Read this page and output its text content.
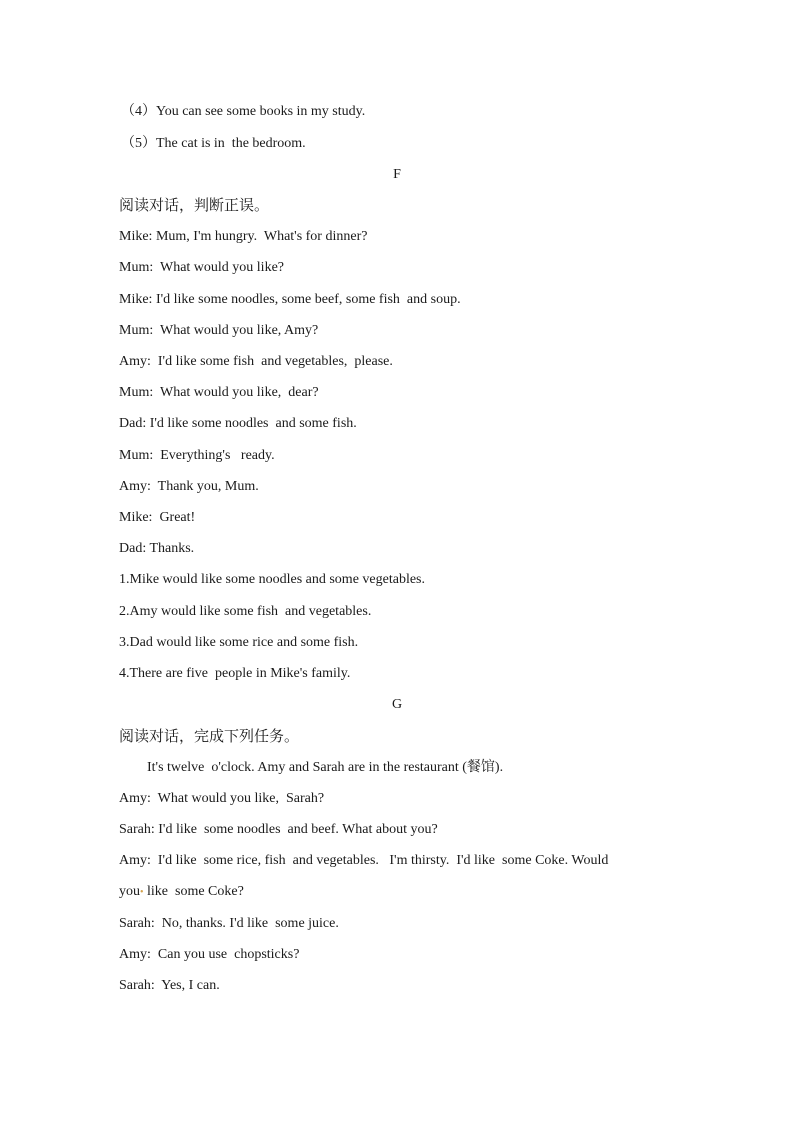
（4）You can see some books in my study.
（5）The cat is in  the bedroom.
F
阅读对话，判断正误。
Mike: Mum, I'm hungry.  What's for dinner?
Mum:  What would you like?
Mike: I'd like some noodles, some beef, some fish  and soup.
Mum:  What would you like, Amy?
Amy:  I'd like some fish  and vegetables,  please.
Mum:  What would you like,  dear?
Dad: I'd like some noodles  and some fish.
Mum:  Everything's   ready.
Amy:  Thank you, Mum.
Mike:  Great!
Dad: Thanks.
1.Mike would like some noodles and some vegetables.
2.Amy would like some fish  and vegetables.
3.Dad would like some rice and some fish.
4.There are five  people in Mike's family.
G
阅读对话，完成下列任务。
It's twelve  o'clock. Amy and Sarah are in the restaurant (餐馆).
Amy:  What would you like,  Sarah?
Sarah: I'd like  some noodles  and beef. What about you?
Amy:  I'd like  some rice, fish  and vegetables.   I'm thirsty.  I'd like  some Coke. Would
you• like  some Coke?
Sarah:  No, thanks. I'd like  some juice.
Amy:  Can you use  chopsticks?
Sarah:  Yes, I can.
